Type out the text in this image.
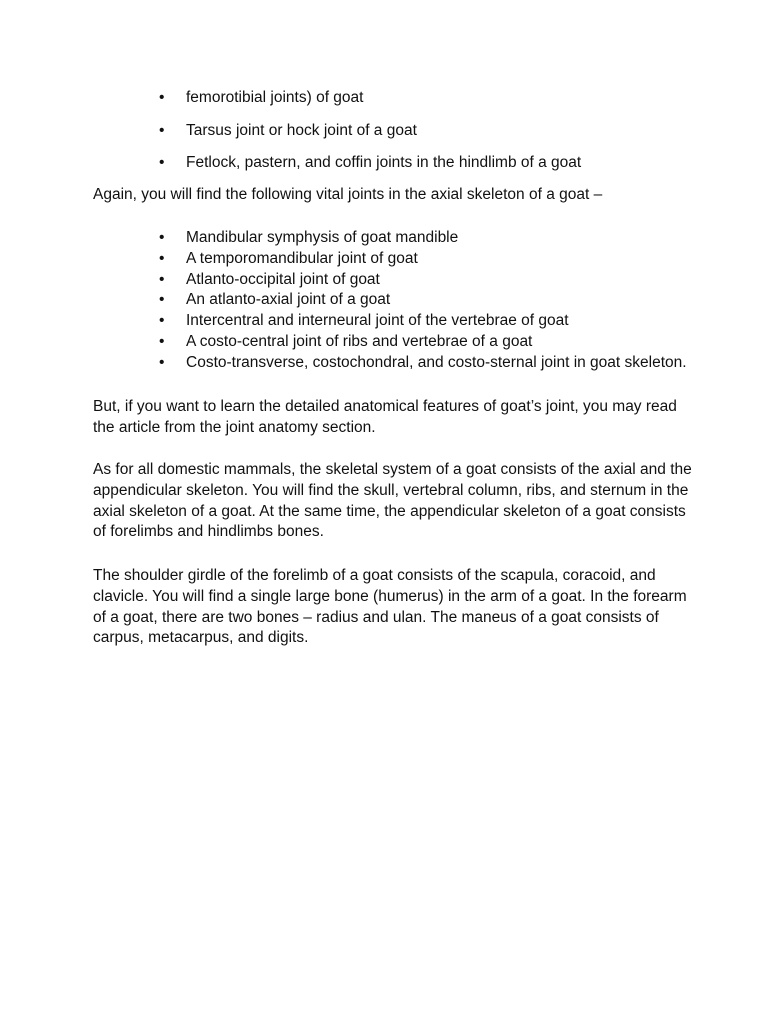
• femorotibial joints) of goat
• Tarsus joint or hock joint of a goat
• Fetlock, pastern, and coffin joints in the hindlimb of a goat

Again, you will find the following vital joints in the axial skeleton of a goat –

• Mandibular symphysis of goat mandible
• A temporomandibular joint of goat
• Atlanto-occipital joint of goat
• An atlanto-axial joint of a goat
• Intercentral and interneural joint of the vertebrae of goat
• A costo-central joint of ribs and vertebrae of a goat
• Costo-transverse, costochondral, and costo-sternal joint in goat skeleton.

But, if you want to learn the detailed anatomical features of goat’s joint, you may read the article from the joint anatomy section.

As for all domestic mammals, the skeletal system of a goat consists of the axial and the appendicular skeleton. You will find the skull, vertebral column, ribs, and sternum in the axial skeleton of a goat. At the same time, the appendicular skeleton of a goat consists of forelimbs and hindlimbs bones.

The shoulder girdle of the forelimb of a goat consists of the scapula, coracoid, and clavicle. You will find a single large bone (humerus) in the arm of a goat. In the forearm of a goat, there are two bones – radius and ulan. The maneus of a goat consists of carpus, metacarpus, and digits.
